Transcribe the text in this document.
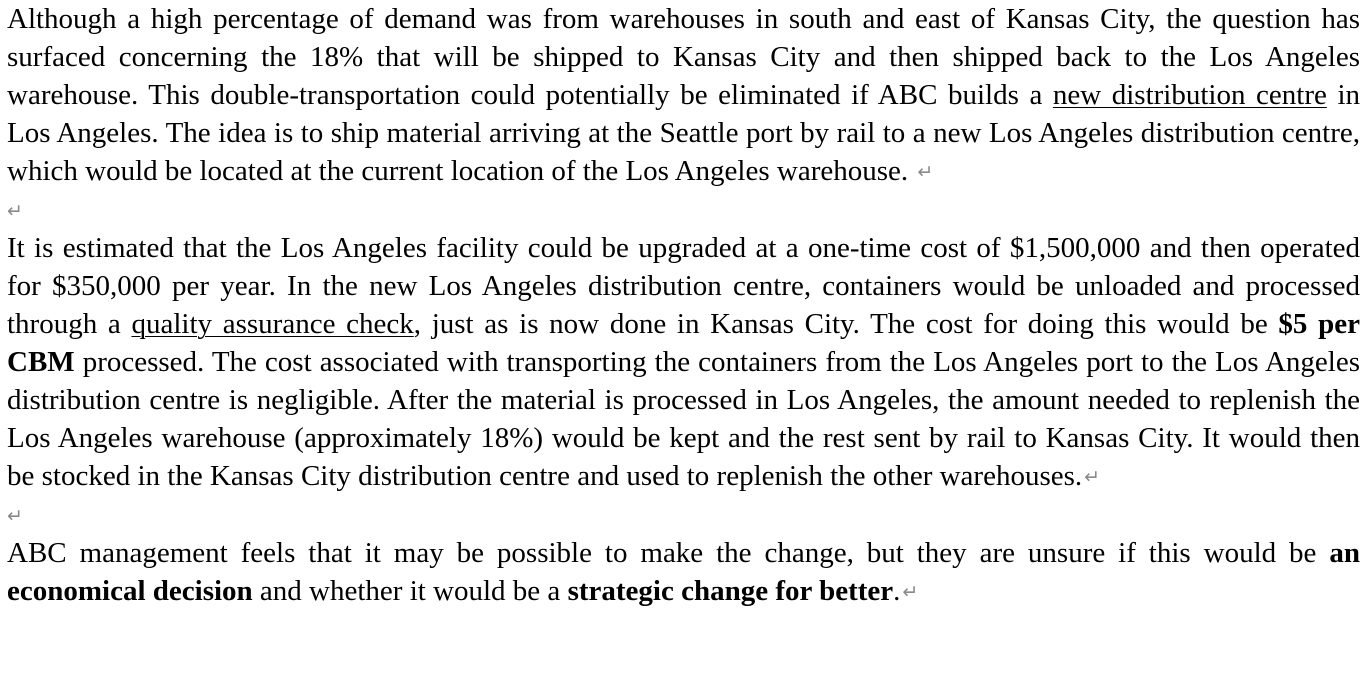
Although a high percentage of demand was from warehouses in south and east of Kansas City, the question has surfaced concerning the 18% that will be shipped to Kansas City and then shipped back to the Los Angeles warehouse. This double-transportation could potentially be eliminated if ABC builds a new distribution centre in Los Angeles. The idea is to ship material arriving at the Seattle port by rail to a new Los Angeles distribution centre, which would be located at the current location of the Los Angeles warehouse. ↵

↵

It is estimated that the Los Angeles facility could be upgraded at a one-time cost of $1,500,000 and then operated for $350,000 per year. In the new Los Angeles distribution centre, containers would be unloaded and processed through a quality assurance check, just as is now done in Kansas City. The cost for doing this would be $5 per CBM processed. The cost associated with transporting the containers from the Los Angeles port to the Los Angeles distribution centre is negligible. After the material is processed in Los Angeles, the amount needed to replenish the Los Angeles warehouse (approximately 18%) would be kept and the rest sent by rail to Kansas City. It would then be stocked in the Kansas City distribution centre and used to replenish the other warehouses. ↵

↵

ABC management feels that it may be possible to make the change, but they are unsure if this would be an economical decision and whether it would be a strategic change for better. ↵
